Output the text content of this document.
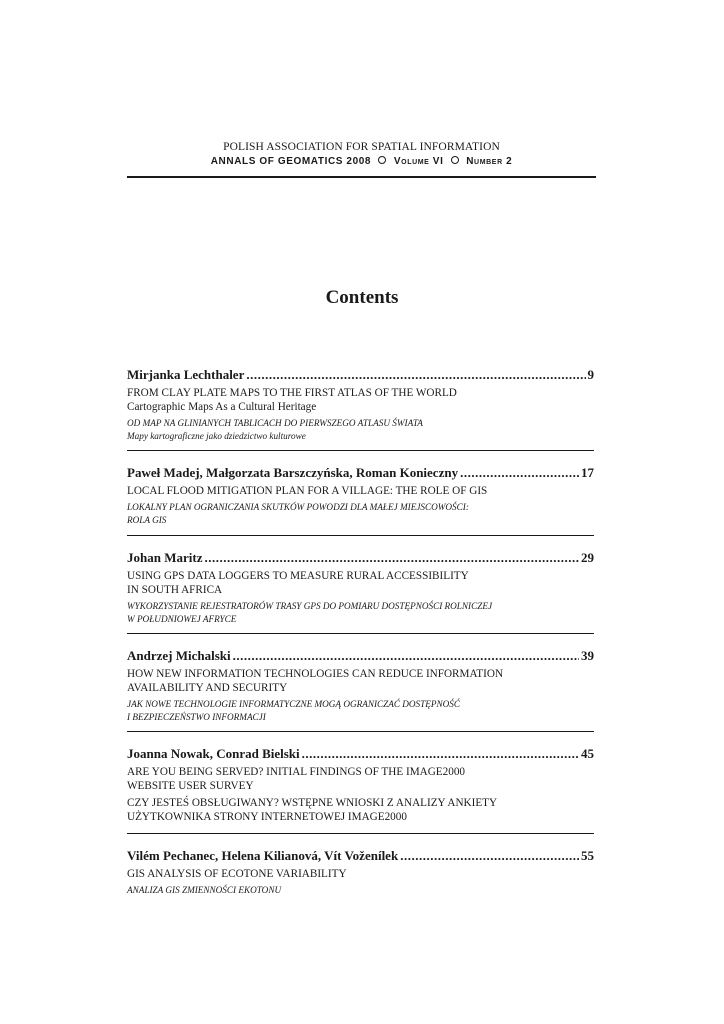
POLISH ASSOCIATION FOR SPATIAL INFORMATION
ANNALS OF GEOMATICS 2008 Volume VI Number 2
Contents
Mirjanka Lechthaler .....	9
FROM CLAY PLATE MAPS TO THE FIRST ATLAS OF THE WORLD
Cartographic Maps As a Cultural Heritage
OD MAP NA GLINIANYCH TABLICACH DO PIERWSZEGO ATLASU ŚWIATA
Mapy kartograficzne jako dziedzictwo kulturowe
Paweł Madej, Małgorzata Barszczyńska, Roman Konieczny .....	17
LOCAL FLOOD MITIGATION PLAN FOR A VILLAGE: THE ROLE OF GIS
LOKALNY PLAN OGRANICZANIA SKUTKÓW POWODZI DLA MAŁEJ MIEJSCOWOŚCI:
ROLA GIS
Johan Maritz .....	29
USING GPS DATA LOGGERS TO MEASURE RURAL ACCESSIBILITY
IN SOUTH AFRICA
WYKORZYSTANIE REJESTRATORÓW TRASY GPS DO POMIARU DOSTĘPNOŚCI ROLNICZEJ
W POŁUDNIOWEJ AFRYCE
Andrzej Michalski .....	39
HOW NEW INFORMATION TECHNOLOGIES CAN REDUCE INFORMATION
AVAILABILITY AND SECURITY
JAK NOWE TECHNOLOGIE INFORMATYCZNE MOGĄ OGRANICZAĆ DOSTĘPNOŚĆ
I BEZPIECZEŃSTWO INFORMACJI
Joanna Nowak, Conrad Bielski .....	45
ARE YOU BEING SERVED? INITIAL FINDINGS OF THE IMAGE2000
WEBSITE USER SURVEY
CZY JESTEŚ OBSŁUGIWANY? WSTĘPNE WNIOSKI Z ANALIZY ANKIETY
UŻYTKOWNIKA STRONY INTERNETOWEJ IMAGE2000
Vilém Pechanec, Helena Kilianová, Vít Voženílek .....	55
GIS ANALYSIS OF ECOTONE VARIABILITY
ANALIZA GIS ZMIENNOŚCI EKOTONU
